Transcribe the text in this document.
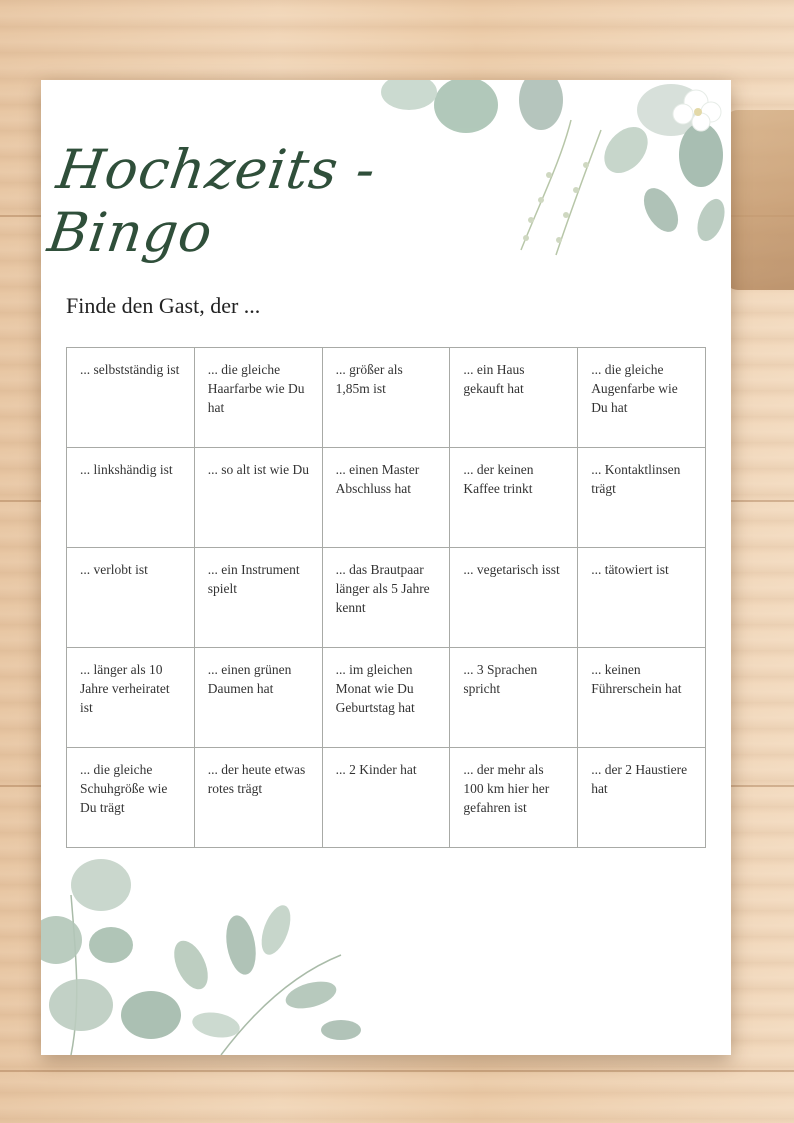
Hochzeits -Bingo

Finde den Gast, der ...

... selbstständig ist	... die gleiche Haarfarbe wie Du hat	... größer als 1,85m ist	... ein Haus gekauft hat	... die gleiche Augenfarbe wie Du hat
... linkshändig ist	... so alt ist wie Du	... einen Master Abschluss hat	... der keinen Kaffee trinkt	... Kontaktlinsen trägt
... verlobt ist	... ein Instrument spielt	... das Brautpaar länger als 5 Jahre kennt	... vegetarisch isst	... tätowiert ist
... länger als 10 Jahre verheiratet ist	... einen grünen Daumen hat	... im gleichen Monat wie Du Geburtstag hat	... 3 Sprachen spricht	... keinen Führerschein hat
... die gleiche Schuhgröße wie Du trägt	... der heute etwas rotes trägt	... 2 Kinder hat	... der mehr als 100 km hier her gefahren ist	... der 2 Haustiere hat
